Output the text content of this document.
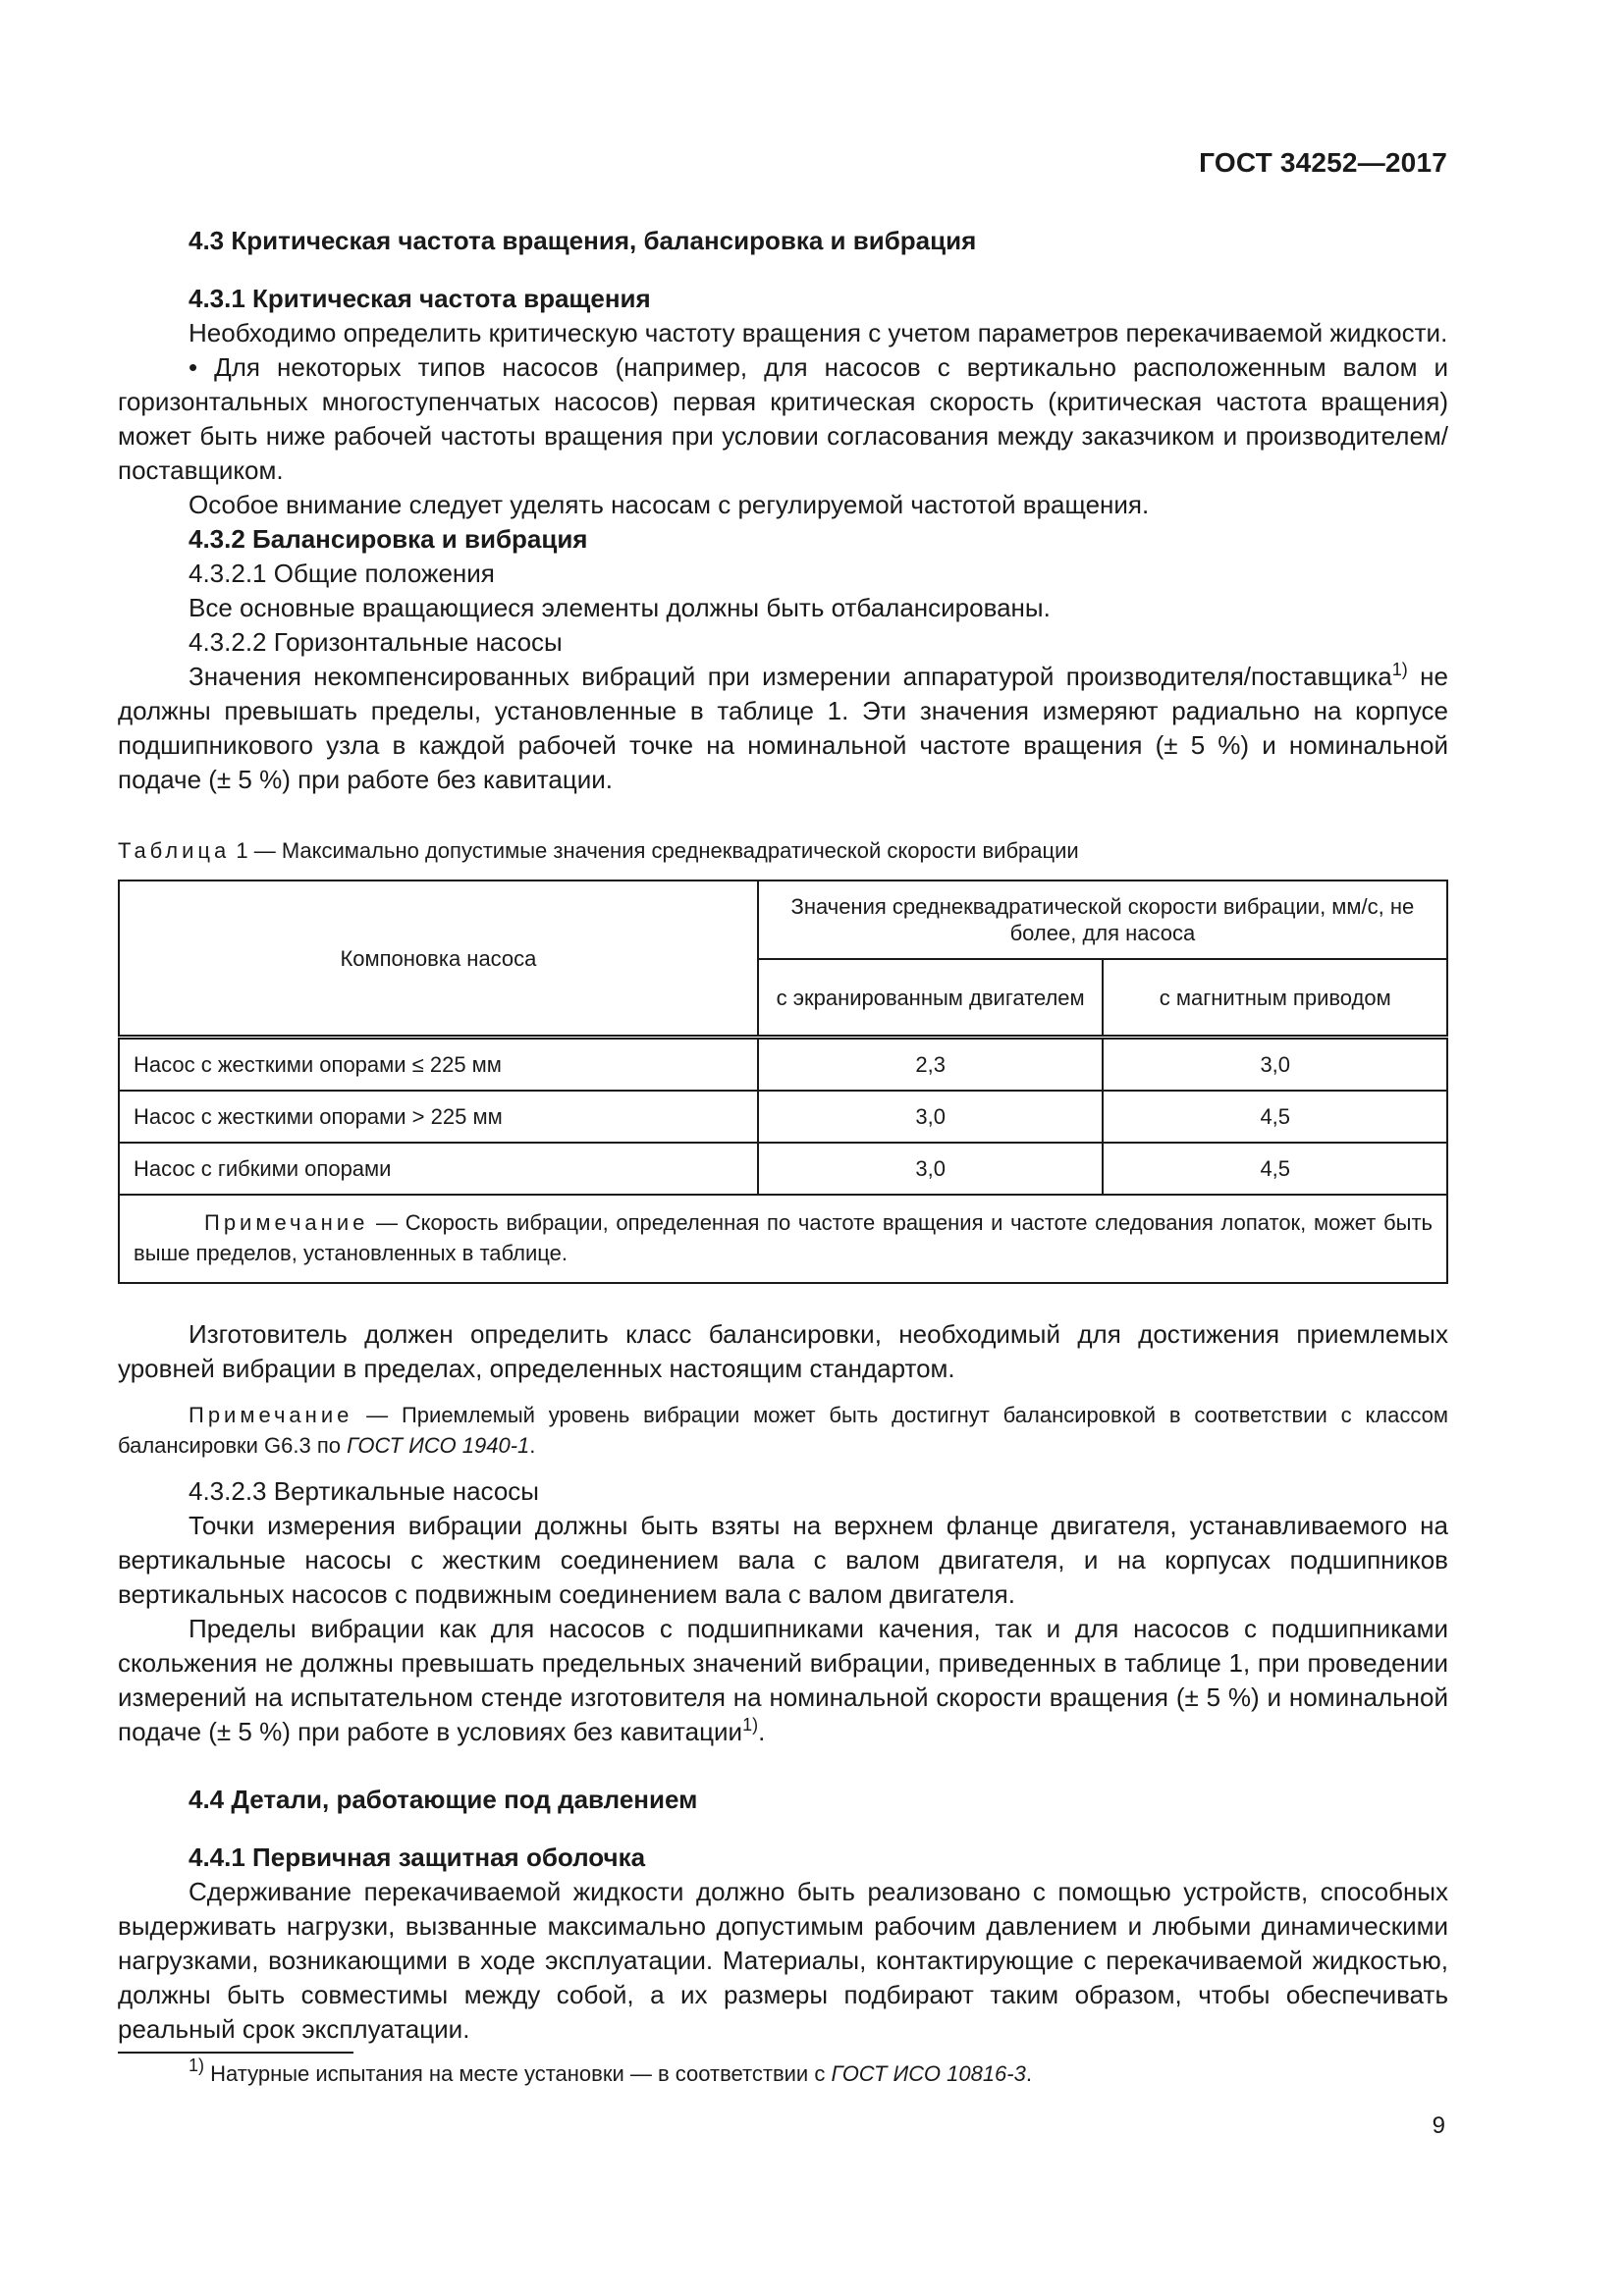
ГОСТ 34252—2017

4.3 Критическая частота вращения, балансировка и вибрация

4.3.1 Критическая частота вращения

Необходимо определить критическую частоту вращения с учетом параметров перекачиваемой жидкости.

• Для некоторых типов насосов (например, для насосов с вертикально расположенным валом и горизонтальных многоступенчатых насосов) первая критическая скорость (критическая частота вращения) может быть ниже рабочей частоты вращения при условии согласования между заказчиком и производителем/поставщиком.

Особое внимание следует уделять насосам с регулируемой частотой вращения.

4.3.2 Балансировка и вибрация

4.3.2.1 Общие положения

Все основные вращающиеся элементы должны быть отбалансированы.

4.3.2.2 Горизонтальные насосы

Значения некомпенсированных вибраций при измерении аппаратурой производителя/поставщика$^{1)}$ не должны превышать пределы, установленные в таблице 1. Эти значения измеряют радиально на корпусе подшипникового узла в каждой рабочей точке на номинальной частоте вращения (± 5 %) и номинальной подаче (± 5 %) при работе без кавитации.

Таблица 1 — Максимально допустимые значения среднеквадратической скорости вибрации

Компоновка насоса	Значения среднеквадратической скорости вибрации, мм/с, не более, для насоса	
	с экранированным двигателем	с магнитным приводом
Насос с жесткими опорами ≤ 225 мм	2,3	3,0
Насос с жесткими опорами > 225 мм	3,0	4,5
Насос с гибкими опорами	3,0	4,5

Примечание — Скорость вибрации, определенная по частоте вращения и частоте следования лопаток, может быть выше пределов, установленных в таблице.		

Изготовитель должен определить класс балансировки, необходимый для достижения приемлемых уровней вибрации в пределах, определенных настоящим стандартом.

Примечание — Приемлемый уровень вибрации может быть достигнут балансировкой в соответствии с классом балансировки G6.3 по ГОСТ ИСО 1940-1.

4.3.2.3 Вертикальные насосы

Точки измерения вибрации должны быть взяты на верхнем фланце двигателя, устанавливаемого на вертикальные насосы с жестким соединением вала с валом двигателя, и на корпусах подшипников вертикальных насосов с подвижным соединением вала с валом двигателя.

Пределы вибрации как для насосов с подшипниками качения, так и для насосов с подшипниками скольжения не должны превышать предельных значений вибрации, приведенных в таблице 1, при проведении измерений на испытательном стенде изготовителя на номинальной скорости вращения (± 5 %) и номинальной подаче (± 5 %) при работе в условиях без кавитации$^{1)}$.

4.4 Детали, работающие под давлением

4.4.1 Первичная защитная оболочка

Сдерживание перекачиваемой жидкости должно быть реализовано с помощью устройств, способных выдерживать нагрузки, вызванные максимально допустимым рабочим давлением и любыми динамическими нагрузками, возникающими в ходе эксплуатации. Материалы, контактирующие с перекачиваемой жидкостью, должны быть совместимы между собой, а их размеры подбирают таким образом, чтобы обеспечивать реальный срок эксплуатации.

$^{1)}$ Натурные испытания на месте установки — в соответствии с ГОСТ ИСО 10816-3.
9
